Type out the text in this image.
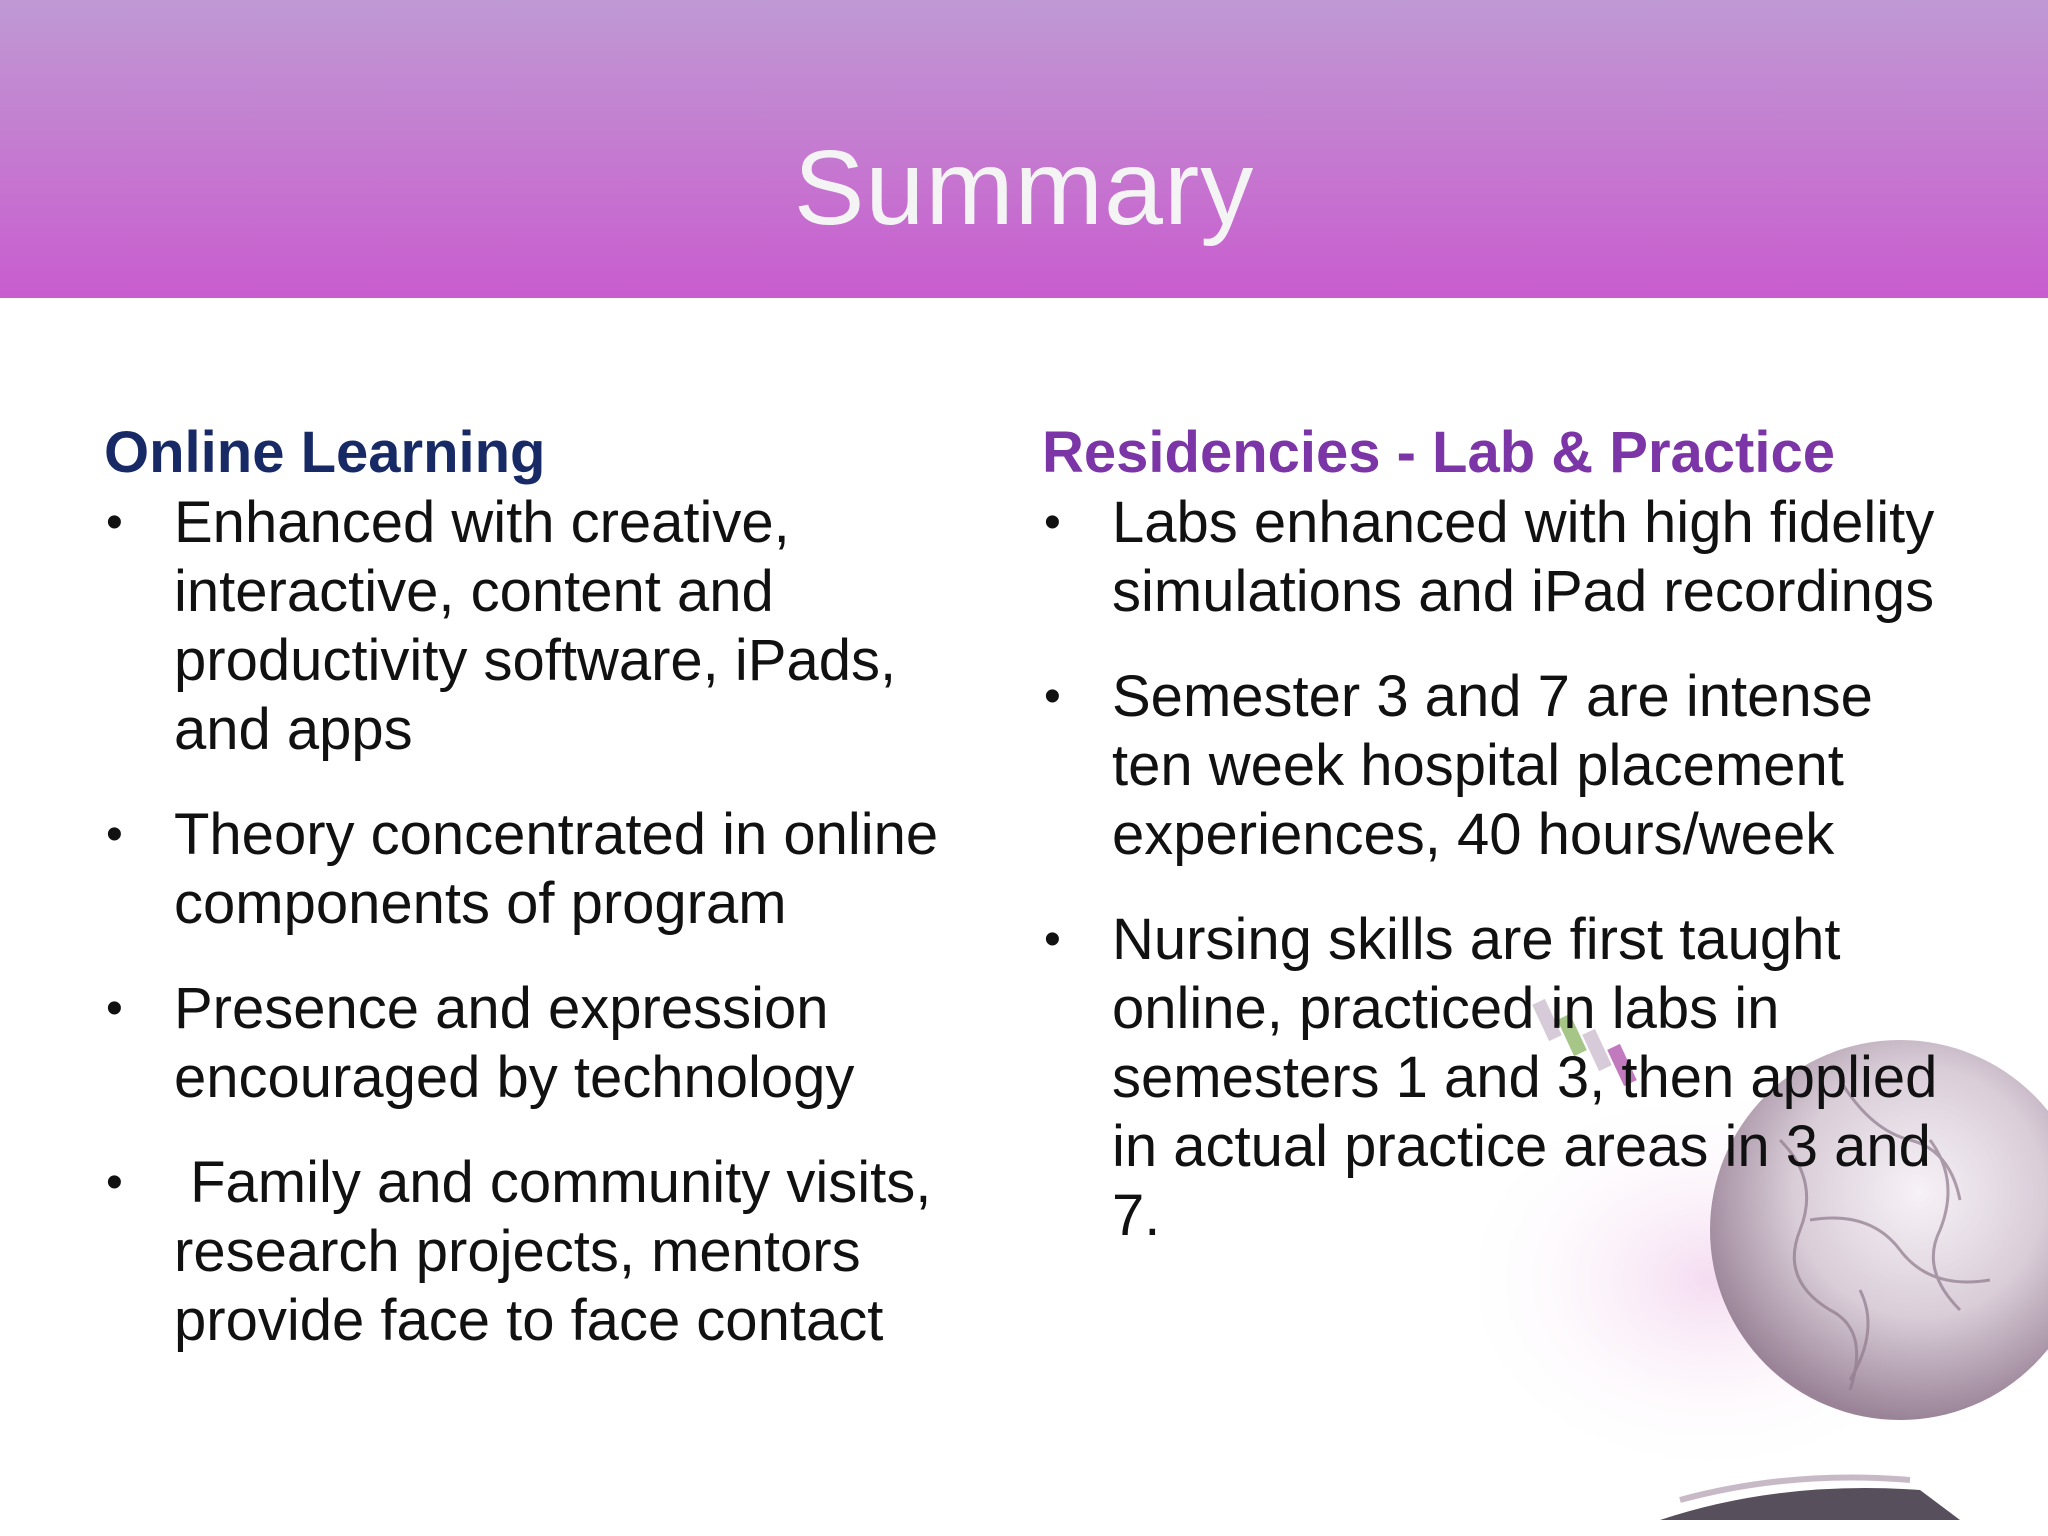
Summary
Online Learning
• Enhanced with creative, interactive, content and productivity software, iPads, and apps
• Theory concentrated in online components of program
• Presence and expression encouraged by technology
• Family and community visits, research projects, mentors provide face to face contact
Residencies - Lab & Practice
• Labs enhanced with high fidelity simulations and iPad recordings
• Semester 3 and 7 are intense ten week hospital placement experiences, 40 hours/week
• Nursing skills are first taught online, practiced in labs in semesters 1 and 3, then applied in actual practice areas in 3 and 7.
